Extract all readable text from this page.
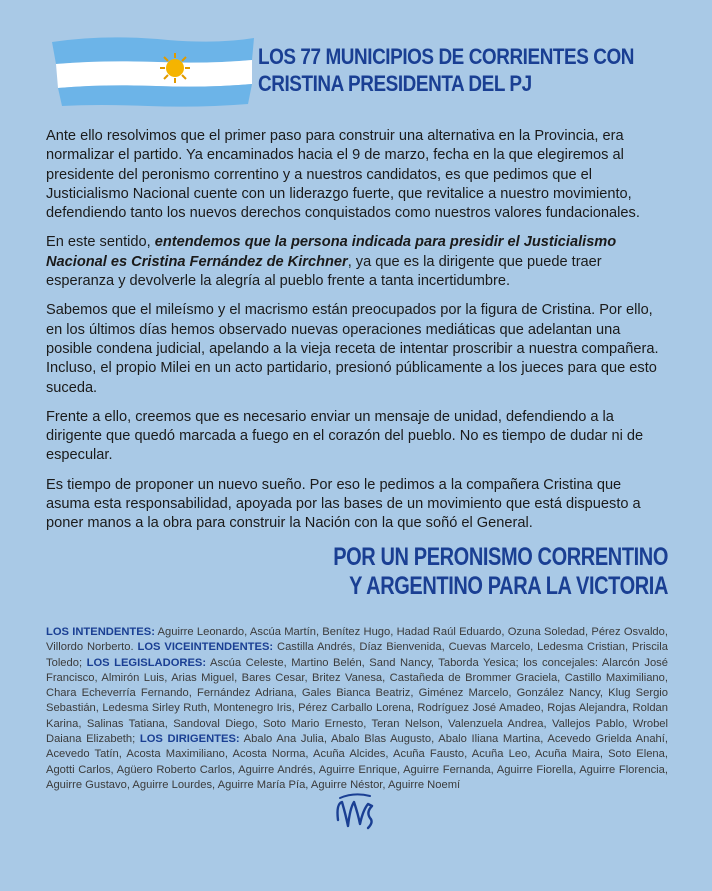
LOS 77 MUNICIPIOS DE CORRIENTES CON
CRISTINA PRESIDENTA DEL PJ

Ante ello resolvimos que el primer paso para construir una alternativa en la Provincia, era normalizar el partido. Ya encaminados hacia el 9 de marzo, fecha en la que elegiremos al presidente del peronismo correntino y a nuestros candidatos, es que pedimos que el Justicialismo Nacional cuente con un liderazgo fuerte, que revitalice a nuestro movimiento, defendiendo tanto los nuevos derechos conquistados como nuestros valores fundacionales.

En este sentido, entendemos que la persona indicada para presidir el Justicialismo Nacional es Cristina Fernández de Kirchner, ya que es la dirigente que puede traer esperanza y devolverle la alegría al pueblo frente a tanta incertidumbre.

Sabemos que el mileísmo y el macrismo están preocupados por la figura de Cristina. Por ello, en los últimos días hemos observado nuevas operaciones mediáticas que adelantan una posible condena judicial, apelando a la vieja receta de intentar proscribir a nuestra compañera. Incluso, el propio Milei en un acto partidario, presionó públicamente a los jueces para que esto suceda.

Frente a ello, creemos que es necesario enviar un mensaje de unidad, defendiendo a la dirigente que quedó marcada a fuego en el corazón del pueblo. No es tiempo de dudar ni de especular.

Es tiempo de proponer un nuevo sueño. Por eso le pedimos a la compañera Cristina que asuma esta responsabilidad, apoyada por las bases de un movimiento que está dispuesto a poner manos a la obra para construir la Nación con la que soñó el General.

POR UN PERONISMO CORRENTINO
Y ARGENTINO PARA LA VICTORIA
LOS INTENDENTES: Aguirre Leonardo, Ascúa Martín, Benítez Hugo, Hadad Raúl Eduardo, Ozuna Soledad, Pérez Osvaldo, Villordo Norberto. LOS VICEINTENDENTES: Castilla Andrés, Díaz Bienvenida, Cuevas Marcelo, Ledesma Cristian, Priscila Toledo; LOS LEGISLADORES: Ascúa Celeste, Martino Belén, Sand Nancy, Taborda Yesica; los concejales: Alarcón José Francisco, Almirón Luis, Arias Miguel, Bares Cesar, Britez Vanesa, Castañeda de Brommer Graciela, Castillo Maximiliano, Chara Echeverría Fernando, Fernández Adriana, Gales Bianca Beatriz, Giménez Marcelo, González Nancy, Klug Sergio Sebastián, Ledesma Sirley Ruth, Montenegro Iris, Pérez Carballo Lorena, Rodríguez José Amadeo, Rojas Alejandra, Roldan Karina, Salinas Tatiana, Sandoval Diego, Soto Mario Ernesto, Teran Nelson, Valenzuela Andrea, Vallejos Pablo, Wrobel Daiana Elizabeth; LOS DIRIGENTES: Abalo Ana Julia, Abalo Blas Augusto, Abalo Iliana Martina, Acevedo Grielda Anahí, Acevedo Tatín, Acosta Maximiliano, Acosta Norma, Acuña Alcides, Acuña Fausto, Acuña Leo, Acuña Maira, Soto Elena, Agotti Carlos, Agüero Roberto Carlos, Aguirre Andrés, Aguirre Enrique, Aguirre Fernanda, Aguirre Fiorella, Aguirre Florencia, Aguirre Gustavo, Aguirre Lourdes, Aguirre María Pía, Aguirre Néstor, Aguirre Noemí
